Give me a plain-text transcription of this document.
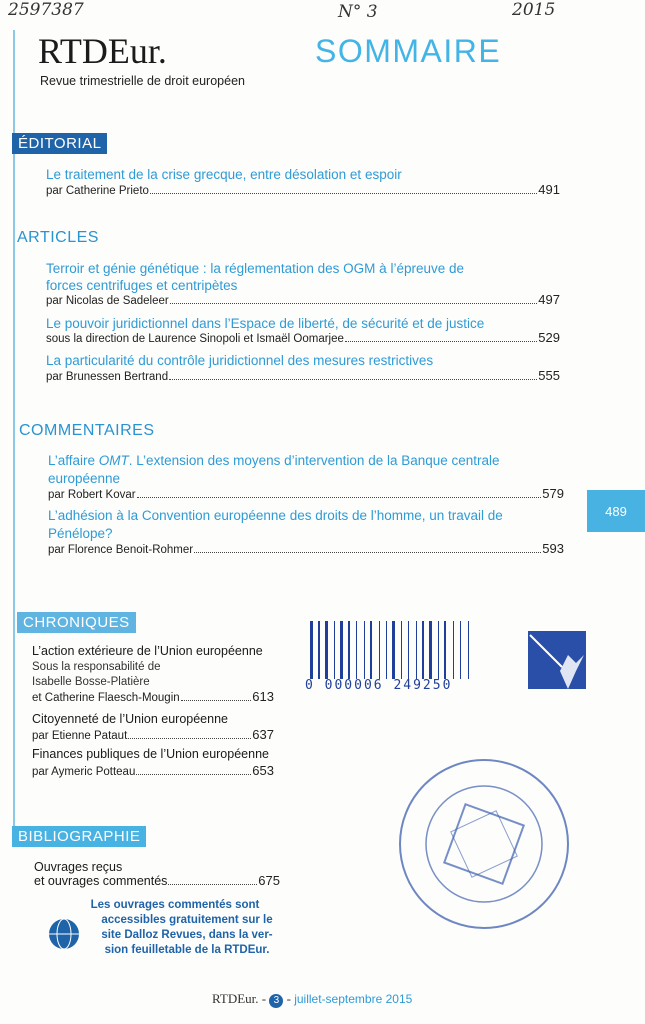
2597387	N° 3	2015
RTDEur.
Revue trimestrielle de droit européen
SOMMAIRE
ÉDITORIAL
Le traitement de la crise grecque, entre désolation et espoir
par Catherine Prieto	491
ARTICLES
Terroir et génie génétique : la réglementation des OGM à l’épreuve de
forces centrifuges et centripètes
par Nicolas de Sadeleer	497
Le pouvoir juridictionnel dans l’Espace de liberté, de sécurité et de justice
sous la direction de Laurence Sinopoli et Ismaël Oomarjee	529
La particularité du contrôle juridictionnel des mesures restrictives
par Brunessen Bertrand	555
COMMENTAIRES
L’affaire OMT. L’extension des moyens d’intervention de la Banque centrale
européenne
par Robert Kovar	579
L’adhésion à la Convention européenne des droits de l’homme, un travail de
Pénélope?
par Florence Benoit-Rohmer	593
489
CHRONIQUES
L’action extérieure de l’Union européenne
Sous la responsabilité de
Isabelle Bosse-Platière
et Catherine Flaesch-Mougin	613
Citoyenneté de l’Union européenne
par Etienne Pataut	637
Finances publiques de l’Union européenne
par Aymeric Potteau	653
0 000006 249250
BIBLIOGRAPHIE
Ouvrages reçus
et ouvrages commentés	675
Les ouvrages commentés sont
accessibles gratuitement sur le
site Dalloz Revues, dans la ver-
sion feuilletable de la RTDEur.
RTDEur. - 3 - juillet-septembre 2015
